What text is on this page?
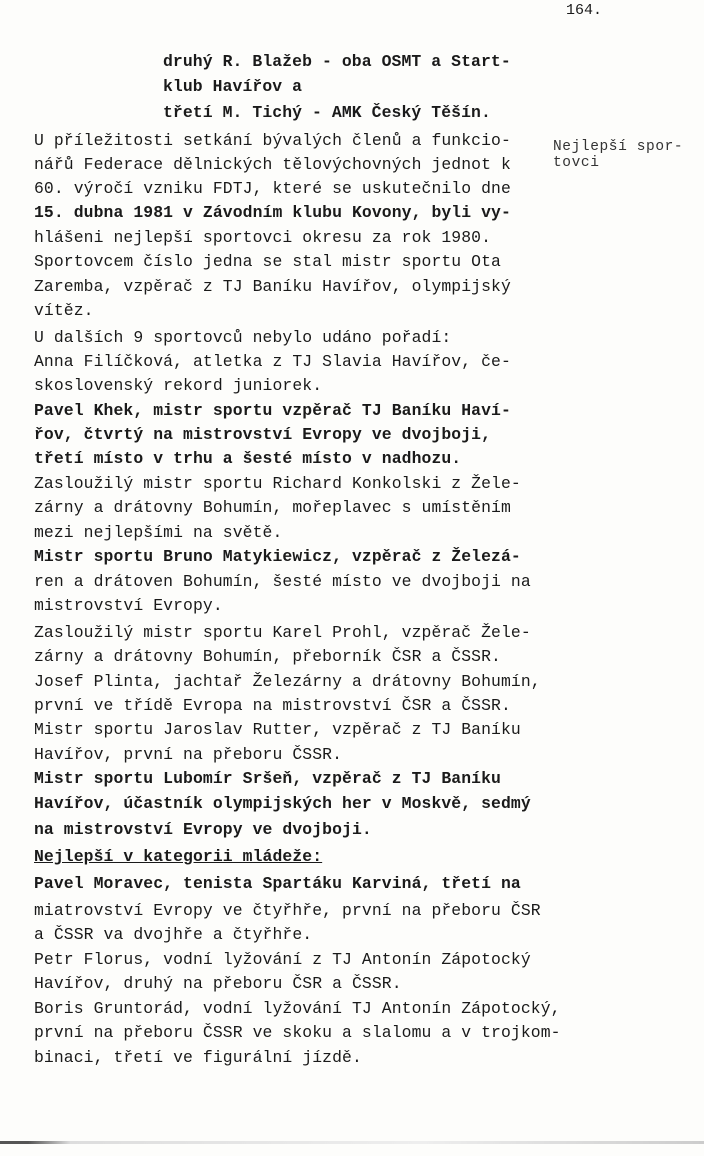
164.
Nejlepší spor-
tovci
druhý R. Blažeb - oba OSMT a Start-
klub Havířov a
třetí M. Tichý - AMK Český Těšín.
U příležitosti setkání bývalých členů a funkcio-
nářů Federace dělnických tělovýchovných jednot k
60. výročí vzniku FDTJ, které se uskutečnilo dne
15. dubna 1981 v Závodním klubu Kovony, byli vy-
hlášeni nejlepší sportovci okresu za rok 1980.
Sportovcem číslo jedna se stal mistr sportu Ota
Zaremba, vzpěrač z TJ Baníku Havířov, olympijský
vítěz.
U dalších 9 sportovců nebylo udáno pořadí:
Anna Filíčková, atletka z TJ Slavia Havířov, če-
skoslovenský rekord juniorek.
Pavel Khek, mistr sportu vzpěrač TJ Baníku Haví-
řov, čtvrtý na mistrovství Evropy ve dvojboji,
třetí místo v trhu a šesté místo v nadhozu.
Zasloužilý mistr sportu Richard Konkolski z Žele-
zárny a drátovny Bohumín, mořeplavec s umístěním
mezi nejlepšími na světě.
Mistr sportu Bruno Matykiewicz, vzpěrač z Železá-
ren a drátoven Bohumín, šesté místo ve dvojboji na
mistrovství Evropy.
Zasloužilý mistr sportu Karel Prohl, vzpěrač Žele-
zárny a drátovny Bohumín, přeborník ČSR a ČSSR.
Josef Plinta, jachtař Železárny a drátovny Bohumín,
první ve třídě Evropa na mistrovství ČSR a ČSSR.
Mistr sportu Jaroslav Rutter, vzpěrač z TJ Baníku
Havířov, první na přeboru ČSSR.
Mistr sportu Lubomír Sršeň, vzpěrač z TJ Baníku
Havířov, účastník olympijských her v Moskvě, sedmý
na mistrovství Evropy ve dvojboji.
Nejlepší v kategorii mládeže:
Pavel Moravec, tenista Spartáku Karviná, třetí na
miatrovství Evropy ve čtyřhře, první na přeboru ČSR
a ČSSR va dvojhře a čtyřhře.
Petr Florus, vodní lyžování z TJ Antonín Zápotocký
Havířov, druhý na přeboru ČSR a ČSSR.
Boris Gruntorád, vodní lyžování TJ Antonín Zápotocký,
první na přeboru ČSSR ve skoku a slalomu a v trojkom-
binaci, třetí ve figurální jízdě.
